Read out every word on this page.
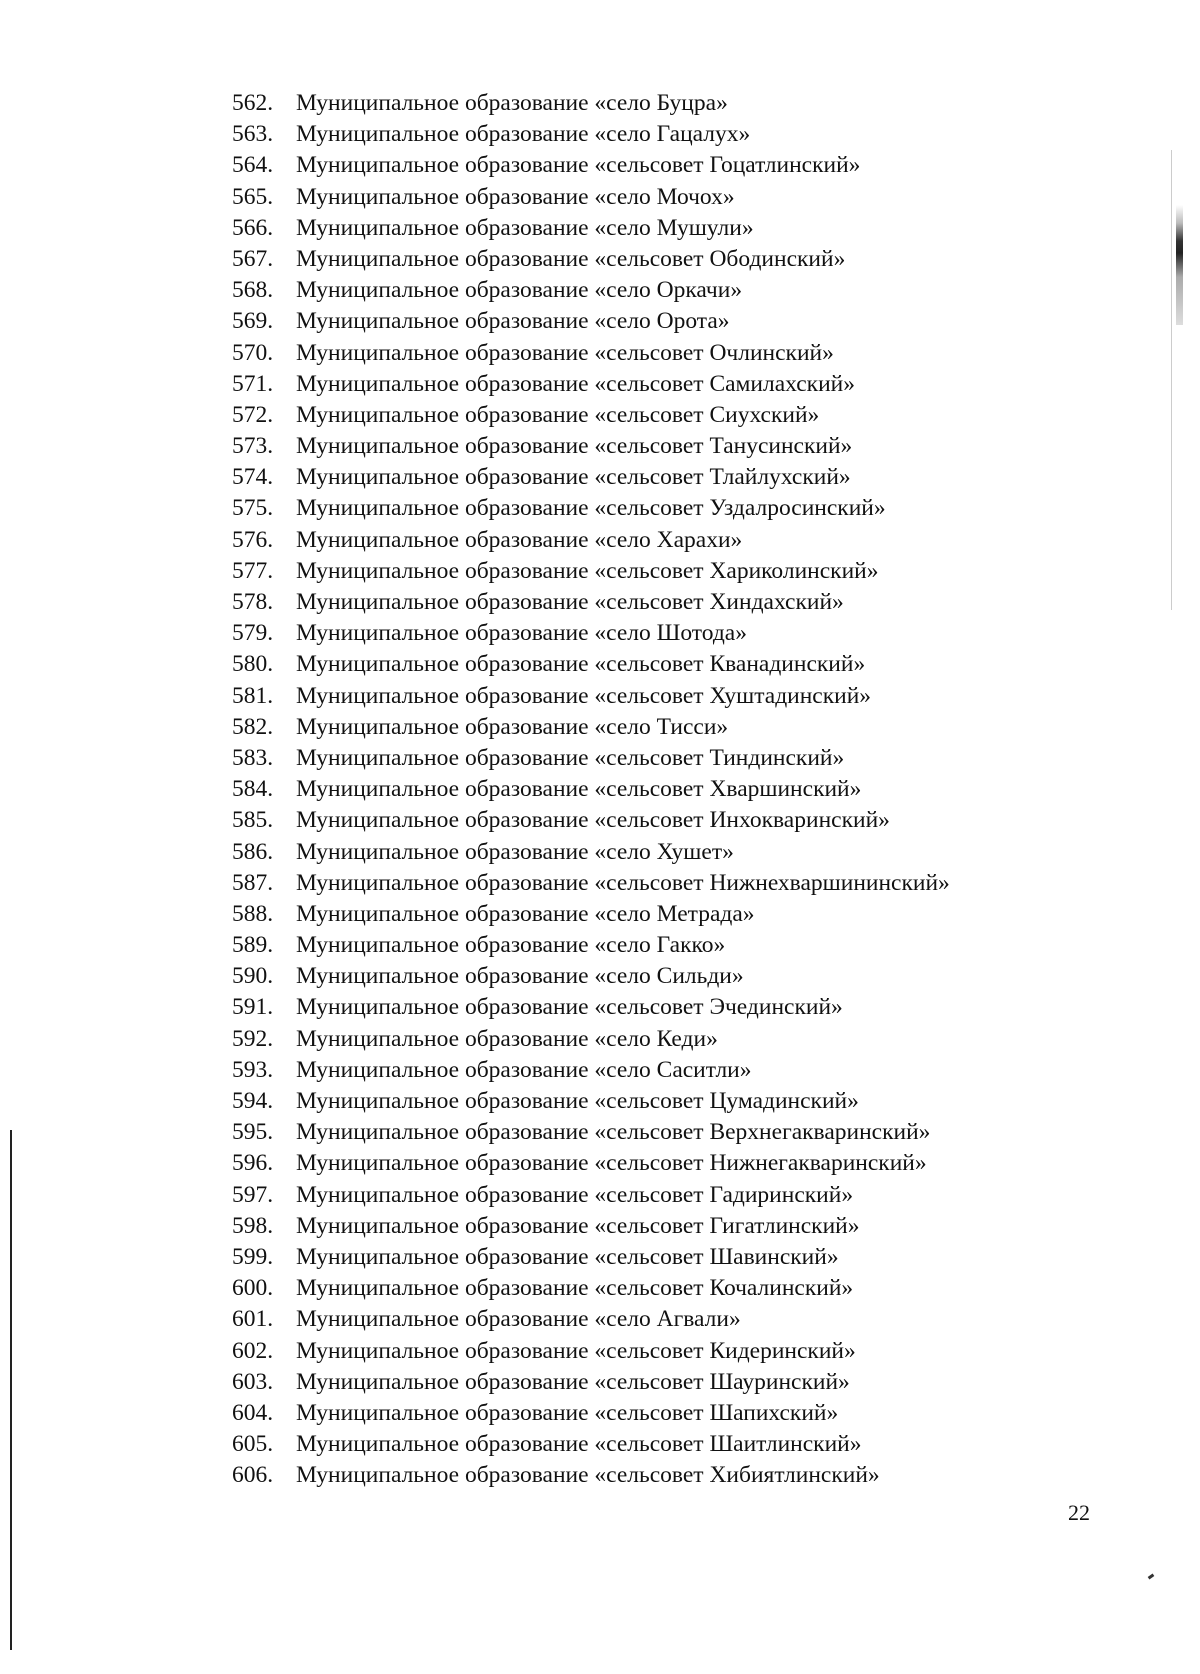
562. Муниципальное образование «село Буцра»
563. Муниципальное образование «село Гацалух»
564. Муниципальное образование «сельсовет Гоцатлинский»
565. Муниципальное образование «село Мочох»
566. Муниципальное образование «село Мушули»
567. Муниципальное образование «сельсовет Ободинский»
568. Муниципальное образование «село Оркачи»
569. Муниципальное образование «село Орота»
570. Муниципальное образование «сельсовет Очлинский»
571. Муниципальное образование «сельсовет Самилахский»
572. Муниципальное образование «сельсовет Сиухский»
573. Муниципальное образование «сельсовет Танусинский»
574. Муниципальное образование «сельсовет Тлайлухский»
575. Муниципальное образование «сельсовет Уздалросинский»
576. Муниципальное образование «село Харахи»
577. Муниципальное образование «сельсовет Хариколинский»
578. Муниципальное образование «сельсовет Хиндахский»
579. Муниципальное образование «село Шотода»
580. Муниципальное образование «сельсовет Кванадинский»
581. Муниципальное образование «сельсовет Хуштадинский»
582. Муниципальное образование «село Тисси»
583. Муниципальное образование «сельсовет Тиндинский»
584. Муниципальное образование «сельсовет Хваршинский»
585. Муниципальное образование «сельсовет Инхокваринский»
586. Муниципальное образование «село Хушет»
587. Муниципальное образование «сельсовет Нижнехваршининский»
588. Муниципальное образование «село Метрада»
589. Муниципальное образование «село Гакко»
590. Муниципальное образование «село Сильди»
591. Муниципальное образование «сельсовет Эчединский»
592. Муниципальное образование «село Кеди»
593. Муниципальное образование «село Саситли»
594. Муниципальное образование «сельсовет Цумадинский»
595. Муниципальное образование «сельсовет Верхнегакваринский»
596. Муниципальное образование «сельсовет Нижнегакваринский»
597. Муниципальное образование «сельсовет Гадиринский»
598. Муниципальное образование «сельсовет Гигатлинский»
599. Муниципальное образование «сельсовет Шавинский»
600. Муниципальное образование «сельсовет Кочалинский»
601. Муниципальное образование «село Агвали»
602. Муниципальное образование «сельсовет Кидеринский»
603. Муниципальное образование «сельсовет Шауринский»
604. Муниципальное образование «сельсовет Шапихский»
605. Муниципальное образование «сельсовет Шаитлинский»
606. Муниципальное образование «сельсовет Хибиятлинский»
22
